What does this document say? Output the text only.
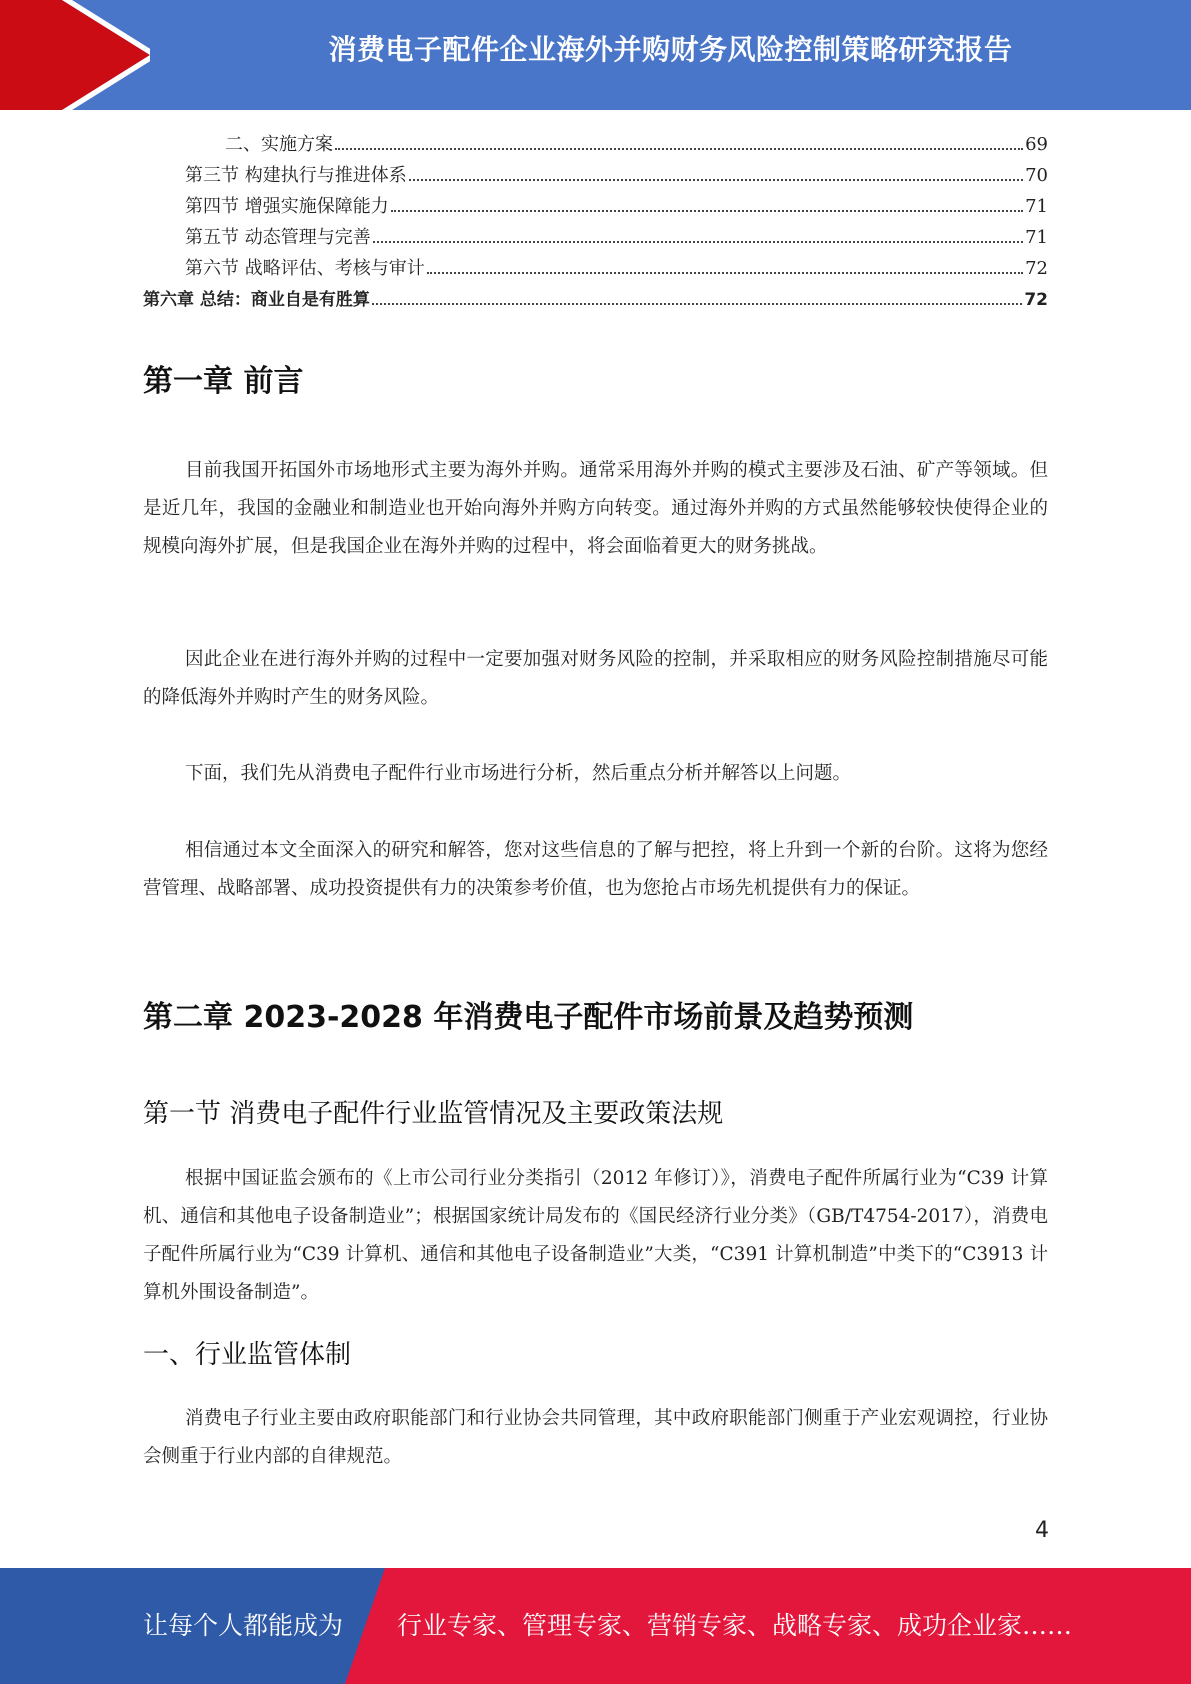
消费电子配件企业海外并购财务风险控制策略研究报告
二、实施方案	69
第三节 构建执行与推进体系	70
第四节 增强实施保障能力	71
第五节 动态管理与完善	71
第六节 战略评估、考核与审计	72
第六章 总结：商业自是有胜算	72
第一章 前言

目前我国开拓国外市场地形式主要为海外并购。通常采用海外并购的模式主要涉及石油、矿产等领域。但是近几年，我国的金融业和制造业也开始向海外并购方向转变。通过海外并购的方式虽然能够较快使得企业的规模向海外扩展，但是我国企业在海外并购的过程中，将会面临着更大的财务挑战。

因此企业在进行海外并购的过程中一定要加强对财务风险的控制，并采取相应的财务风险控制措施尽可能的降低海外并购时产生的财务风险。

下面，我们先从消费电子配件行业市场进行分析，然后重点分析并解答以上问题。

相信通过本文全面深入的研究和解答，您对这些信息的了解与把控，将上升到一个新的台阶。这将为您经营管理、战略部署、成功投资提供有力的决策参考价值，也为您抢占市场先机提供有力的保证。

第二章 2023-2028 年消费电子配件市场前景及趋势预测
第一节 消费电子配件行业监管情况及主要政策法规

根据中国证监会颁布的《上市公司行业分类指引（2012 年修订）》，消费电子配件所属行业为“C39 计算机、通信和其他电子设备制造业”；根据国家统计局发布的《国民经济行业分类》（GB/T4754-2017），消费电子配件所属行业为“C39 计算机、通信和其他电子设备制造业”大类，“C391 计算机制造”中类下的“C3913 计算机外围设备制造”。

一、行业监管体制

消费电子行业主要由政府职能部门和行业协会共同管理，其中政府职能部门侧重于产业宏观调控，行业协会侧重于行业内部的自律规范。

4
让每个人都能成为 行业专家、管理专家、营销专家、战略专家、成功企业家……
